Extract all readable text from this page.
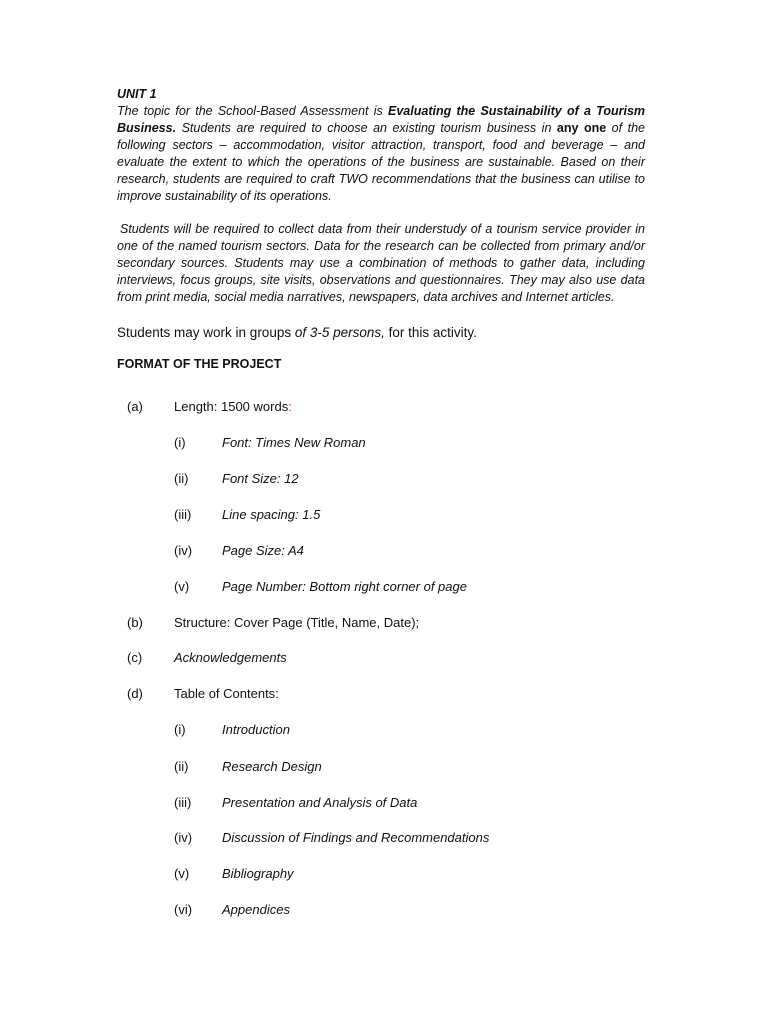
UNIT 1

The topic for the School-Based Assessment is Evaluating the Sustainability of a Tourism Business. Students are required to choose an existing tourism business in any one of the following sectors – accommodation, visitor attraction, transport, food and beverage – and evaluate the extent to which the operations of the business are sustainable. Based on their research, students are required to craft TWO recommendations that the business can utilise to improve sustainability of its operations.

Students will be required to collect data from their understudy of a tourism service provider in one of the named tourism sectors. Data for the research can be collected from primary and/or secondary sources. Students may use a combination of methods to gather data, including interviews, focus groups, site visits, observations and questionnaires. They may also use data from print media, social media narratives, newspapers, data archives and Internet articles.

Students may work in groups of 3-5 persons, for this activity.

FORMAT OF THE PROJECT

(a) Length: 1500 words:
(i)	Font: Times New Roman
(ii)	Font Size: 12
(iii) Line spacing: 1.5
(iv) Page Size: A4
(v)	Page Number: Bottom right corner of page
(b) Structure: Cover Page (Title, Name, Date);
(c) Acknowledgements
(d) Table of Contents:
(i)	Introduction
(ii)	Research Design
(iii) Presentation and Analysis of Data
(iv) Discussion of Findings and Recommendations
(v)	Bibliography
(vi) Appendices
